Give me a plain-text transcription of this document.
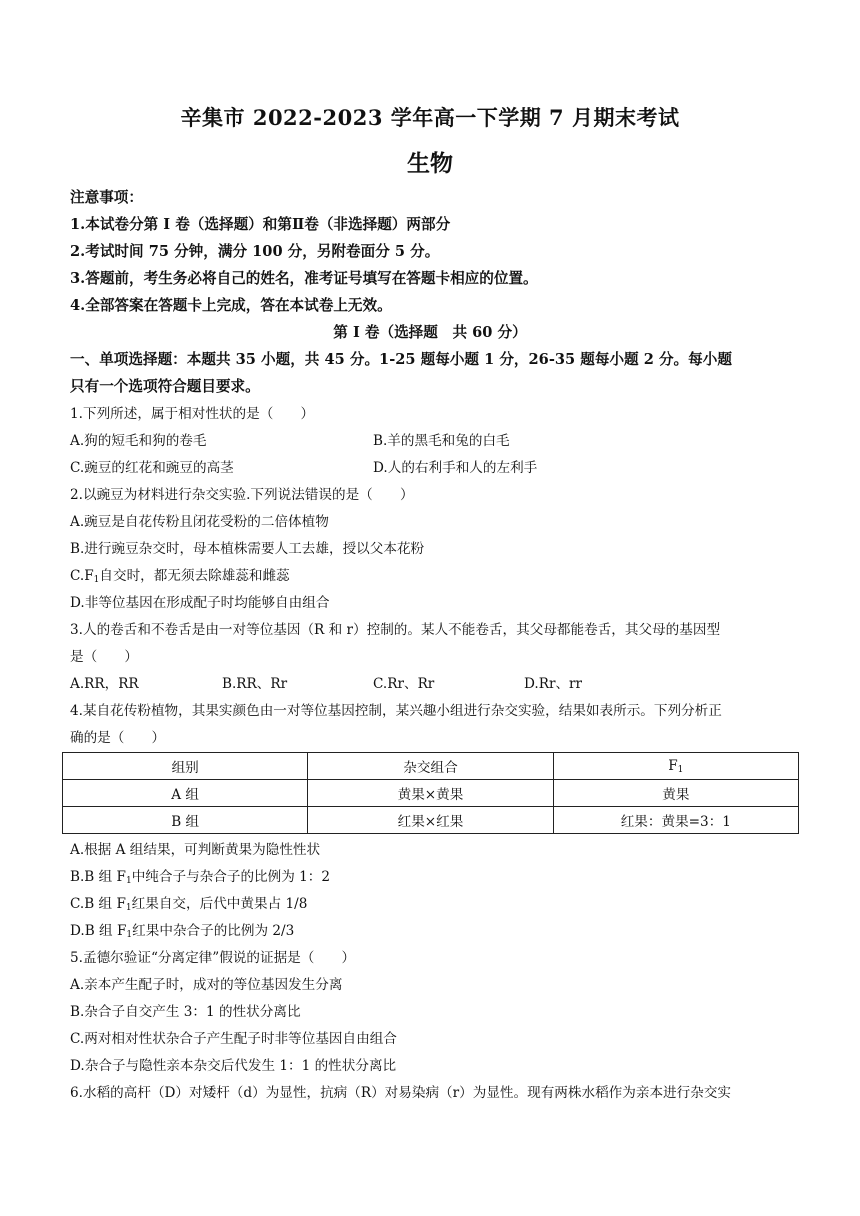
辛集市 2022-2023 学年高一下学期 7 月期末考试
生物
注意事项：
1.本试卷分第 I 卷（选择题）和第Ⅱ卷（非选择题）两部分
2.考试时间 75 分钟，满分 100 分，另附卷面分 5 分。
3.答题前，考生务必将自己的姓名，准考证号填写在答题卡相应的位置。
4.全部答案在答题卡上完成，答在本试卷上无效。
第 I 卷（选择题　共 60 分）
一、单项选择题：本题共 35 小题，共 45 分。1-25 题每小题 1 分，26-35 题每小题 2 分。每小题
只有一个选项符合题目要求。
1.下列所述，属于相对性状的是（　　）
A.狗的短毛和狗的卷毛	B.羊的黑毛和兔的白毛
C.豌豆的红花和豌豆的高茎	D.人的右利手和人的左利手
2.以豌豆为材料进行杂交实验.下列说法错误的是（　　）
A.豌豆是自花传粉且闭花受粉的二倍体植物
B.进行豌豆杂交时，母本植株需要人工去雄，授以父本花粉
$C.F_1$自交时，都无须去除雄蕊和雌蕊
D.非等位基因在形成配子时均能够自由组合
3.人的卷舌和不卷舌是由一对等位基因（R 和 r）控制的。某人不能卷舌，其父母都能卷舌，其父母的基因型
是（　　）
A.RR，RR	B.RR、Rr	C.Rr、Rr	D.Rr、rr
4.某自花传粉植物，其果实颜色由一对等位基因控制，某兴趣小组进行杂交实验，结果如表所示。下列分析正
确的是（　　）
组别	杂交组合	$F_1$
A 组	黄果×黄果	黄果
B 组	红果×红果	红果：黄果=3：1
A.根据 A 组结果，可判断黄果为隐性性状
B.B 组 $F_1$中纯合子与杂合子的比例为 1：2
C.B 组 $F_1$红果自交，后代中黄果占 1/8
D.B 组 $F_1$红果中杂合子的比例为 2/3
5.孟德尔验证“分离定律”假说的证据是（　　）
A.亲本产生配子时，成对的等位基因发生分离
B.杂合子自交产生 3：1 的性状分离比
C.两对相对性状杂合子产生配子时非等位基因自由组合
D.杂合子与隐性亲本杂交后代发生 1：1 的性状分离比
6.水稻的高杆（D）对矮杆（d）为显性，抗病（R）对易染病（r）为显性。现有两株水稻作为亲本进行杂交实
